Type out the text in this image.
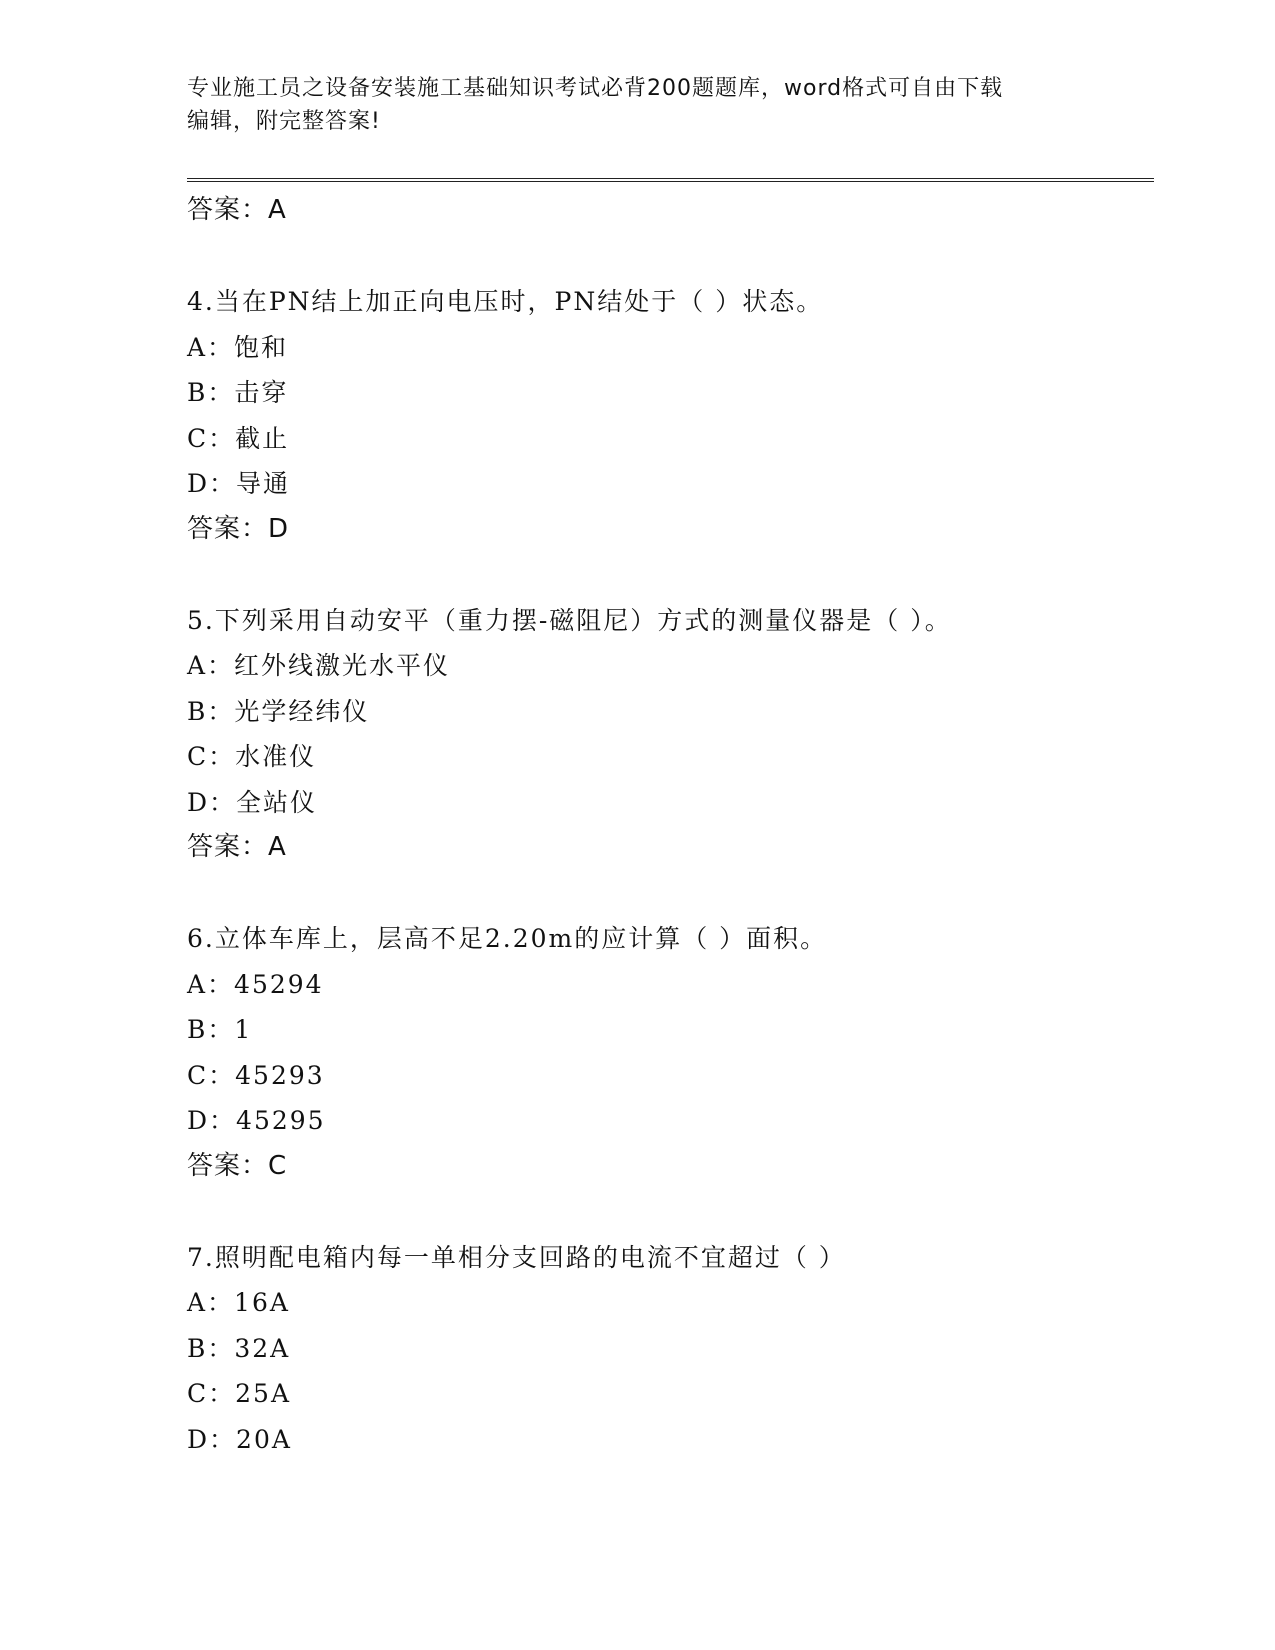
专业施工员之设备安装施工基础知识考试必背200题题库，word格式可自由下载
编辑，附完整答案!
答案：A
4.当在PN结上加正向电压时，PN结处于（ ）状态。
A：饱和
B：击穿
C：截止
D：导通
答案：D
5.下列采用自动安平（重力摆-磁阻尼）方式的测量仪器是（ ）。
A：红外线激光水平仪
B：光学经纬仪
C：水准仪
D：全站仪
答案：A
6.立体车库上，层高不足2.20m的应计算（ ）面积。
A：45294
B：1
C：45293
D：45295
答案：C
7.照明配电箱内每一单相分支回路的电流不宜超过（ ）
A：16A
B：32A
C：25A
D：20A
